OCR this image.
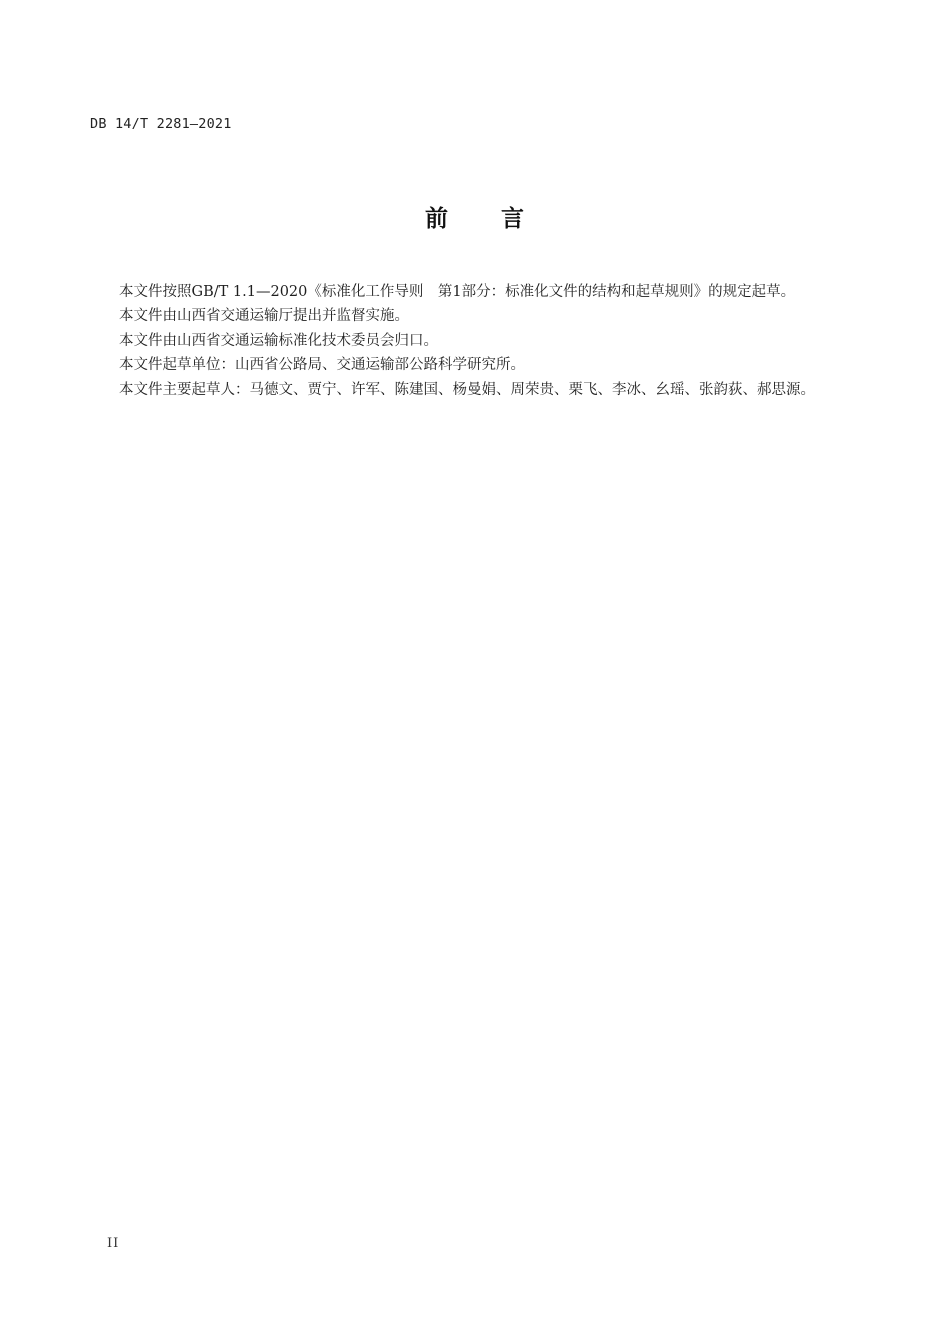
DB 14/T 2281—2021
前 言

本文件按照GB/T 1.1—2020《标准化工作导则　第1部分：标准化文件的结构和起草规则》的规定起草。

本文件由山西省交通运输厅提出并监督实施。

本文件由山西省交通运输标准化技术委员会归口。

本文件起草单位：山西省公路局、交通运输部公路科学研究所。

本文件主要起草人：马德文、贾宁、许军、陈建国、杨曼娟、周荣贵、栗飞、李冰、幺瑶、张韵荻、郝思源。

II
